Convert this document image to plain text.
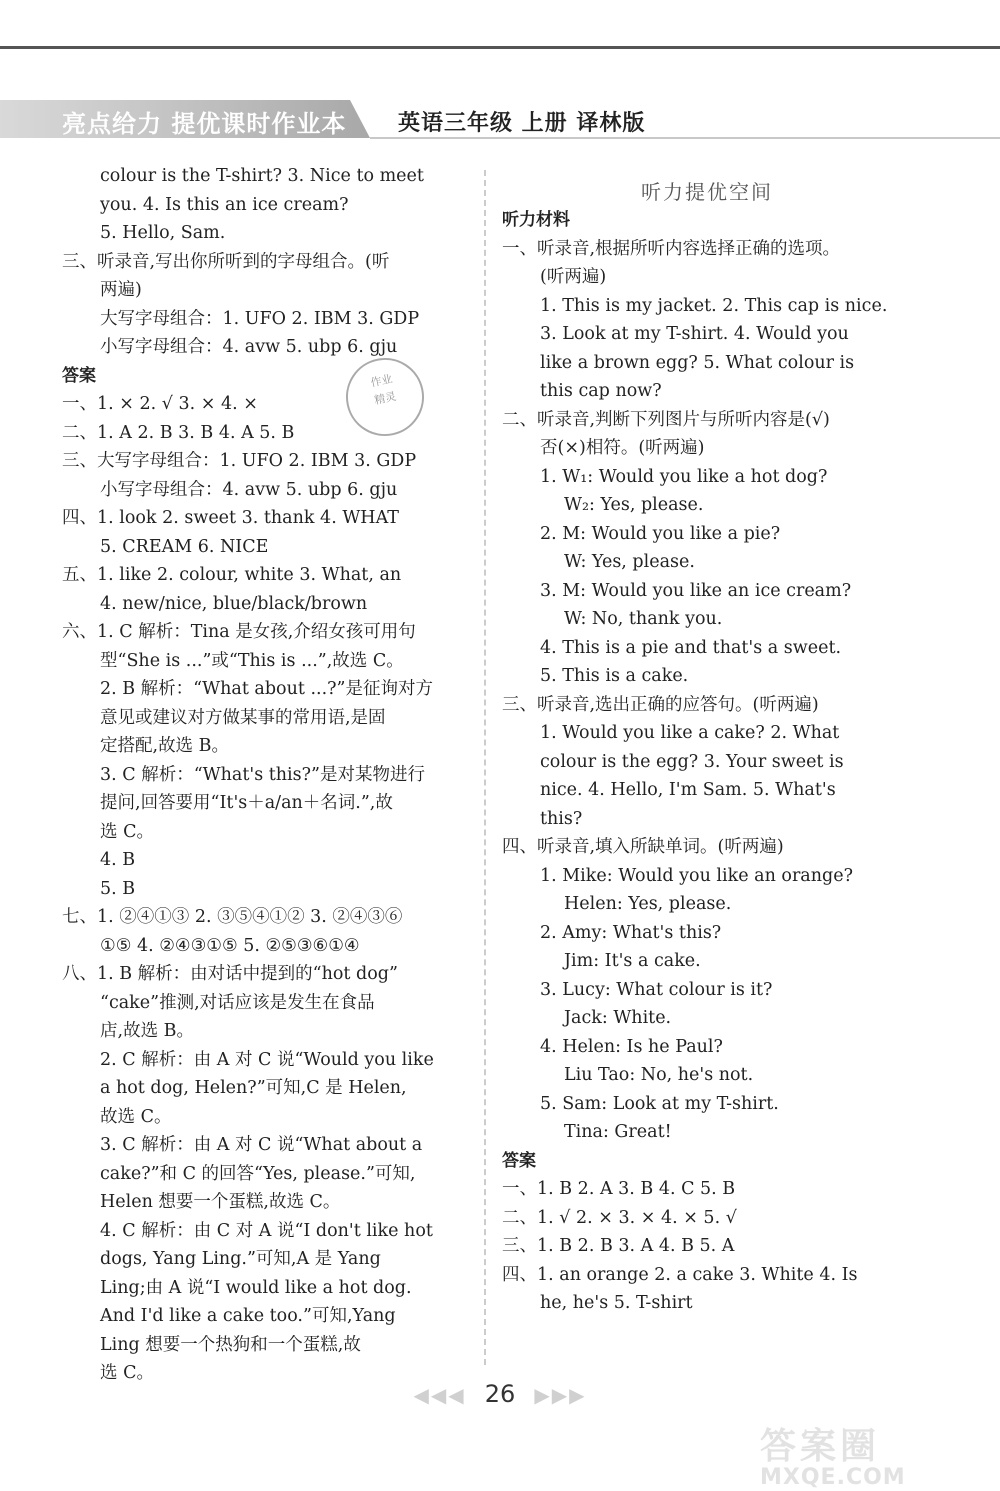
亮点给力 提优课时作业本 英语三年级 上册 译林版
colour is the T-shirt? 3. Nice to meet
you. 4. Is this an ice cream?
5. Hello, Sam.
三、听录音,写出你所听到的字母组合。(听
两遍)
大写字母组合：1. UFO 2. IBM 3. GDP
小写字母组合：4. avw 5. ubp 6. gju
答案
一、1. × 2. √ 3. × 4. ×
二、1. A 2. B 3. B 4. A 5. B
三、大写字母组合：1. UFO 2. IBM 3. GDP
小写字母组合：4. avw 5. ubp 6. gju
四、1. look 2. sweet 3. thank 4. WHAT
5. CREAM 6. NICE
五、1. like 2. colour, white 3. What, an
4. new/nice, blue/black/brown
六、1. C 解析：Tina 是女孩,介绍女孩可用句
型“She is ...”或“This is ...”,故选 C。
2. B 解析：“What about ...?”是征询对方
意见或建议对方做某事的常用语,是固
定搭配,故选 B。
3. C 解析：“What's this?”是对某物进行
提问,回答要用“It's＋a/an＋名词.”,故
选 C。
4. B
5. B
七、1. ②④①③ 2. ③⑤④①② 3. ②④③⑥
①⑤ 4. ②④③①⑤ 5. ②⑤③⑥①④
八、1. B 解析：由对话中提到的“hot dog”
“cake”推测,对话应该是发生在食品
店,故选 B。
2. C 解析：由 A 对 C 说“Would you like
a hot dog, Helen?”可知,C 是 Helen,
故选 C。
3. C 解析：由 A 对 C 说“What about a
cake?”和 C 的回答“Yes, please.”可知,
Helen 想要一个蛋糕,故选 C。
4. C 解析：由 C 对 A 说“I don't like hot
dogs, Yang Ling.”可知,A 是 Yang
Ling;由 A 说“I would like a hot dog.
And I'd like a cake too.”可知,Yang
Ling 想要一个热狗和一个蛋糕,故
选 C。
听力提优空间
听力材料
一、听录音,根据所听内容选择正确的选项。
(听两遍)
1. This is my jacket. 2. This cap is nice.
3. Look at my T-shirt. 4. Would you
like a brown egg? 5. What colour is
this cap now?
二、听录音,判断下列图片与所听内容是(√)
否(×)相符。(听两遍)
1. W₁: Would you like a hot dog?
W₂: Yes, please.
2. M: Would you like a pie?
W: Yes, please.
3. M: Would you like an ice cream?
W: No, thank you.
4. This is a pie and that's a sweet.
5. This is a cake.
三、听录音,选出正确的应答句。(听两遍)
1. Would you like a cake? 2. What
colour is the egg? 3. Your sweet is
nice. 4. Hello, I'm Sam. 5. What's
this?
四、听录音,填入所缺单词。(听两遍)
1. Mike: Would you like an orange?
Helen: Yes, please.
2. Amy: What's this?
Jim: It's a cake.
3. Lucy: What colour is it?
Jack: White.
4. Helen: Is he Paul?
Liu Tao: No, he's not.
5. Sam: Look at my T-shirt.
Tina: Great!
答案
一、1. B 2. A 3. B 4. C 5. B
二、1. √ 2. × 3. × 4. × 5. √
三、1. B 2. B 3. A 4. B 5. A
四、1. an orange 2. a cake 3. White 4. Is
he, he's 5. T-shirt
作业
精灵
◀◀◀ 26 ▶▶▶
答案圈
MXQE.COM
